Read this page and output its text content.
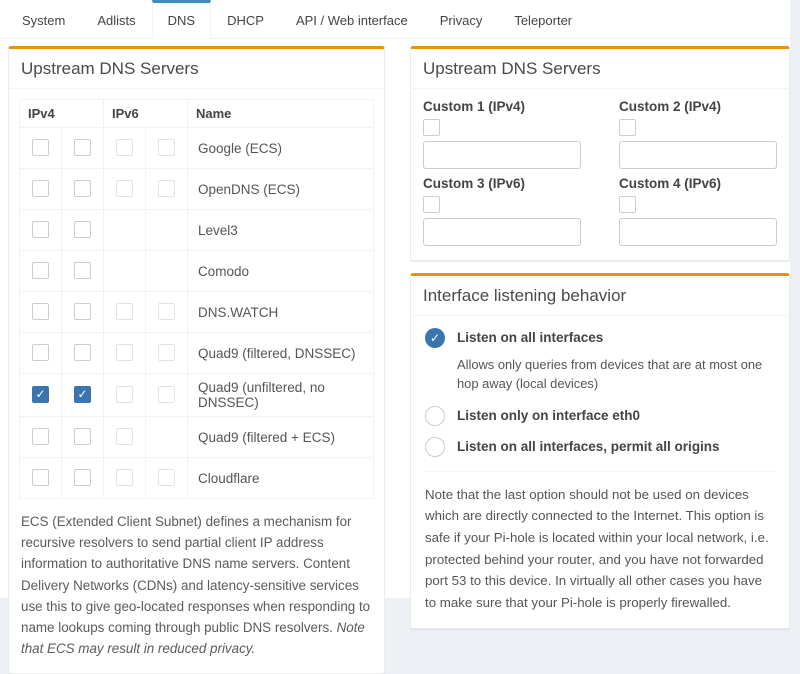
System	Adlists	DNS	DHCP	API / Web interface	Privacy	Teleporter
Upstream DNS Servers
IPv4		IPv6		Name
				Google (ECS)
				OpenDNS (ECS)
				Level3
				Comodo
				DNS.WATCH
				Quad9 (filtered, DNSSEC)
✓	✓			Quad9 (unfiltered, no DNSSEC)
				Quad9 (filtered + ECS)
				Cloudflare

ECS (Extended Client Subnet) defines a mechanism for recursive resolvers to send partial client IP address information to authoritative DNS name servers. Content Delivery Networks (CDNs) and latency-sensitive services use this to give geo-located responses when responding to name lookups coming through public DNS resolvers. Note that ECS may result in reduced privacy.

Upstream DNS Servers
Custom 1 (IPv4)	Custom 2 (IPv4)
Custom 3 (IPv6)	Custom 4 (IPv6)
Interface listening behavior
✓	Listen on all interfaces
Allows only queries from devices that are at most one hop away (local devices)
Listen only on interface eth0
Listen on all interfaces, permit all origins

Note that the last option should not be used on devices which are directly connected to the Internet. This option is safe if your Pi-hole is located within your local network, i.e. protected behind your router, and you have not forwarded port 53 to this device. In virtually all other cases you have to make sure that your Pi-hole is properly firewalled.
